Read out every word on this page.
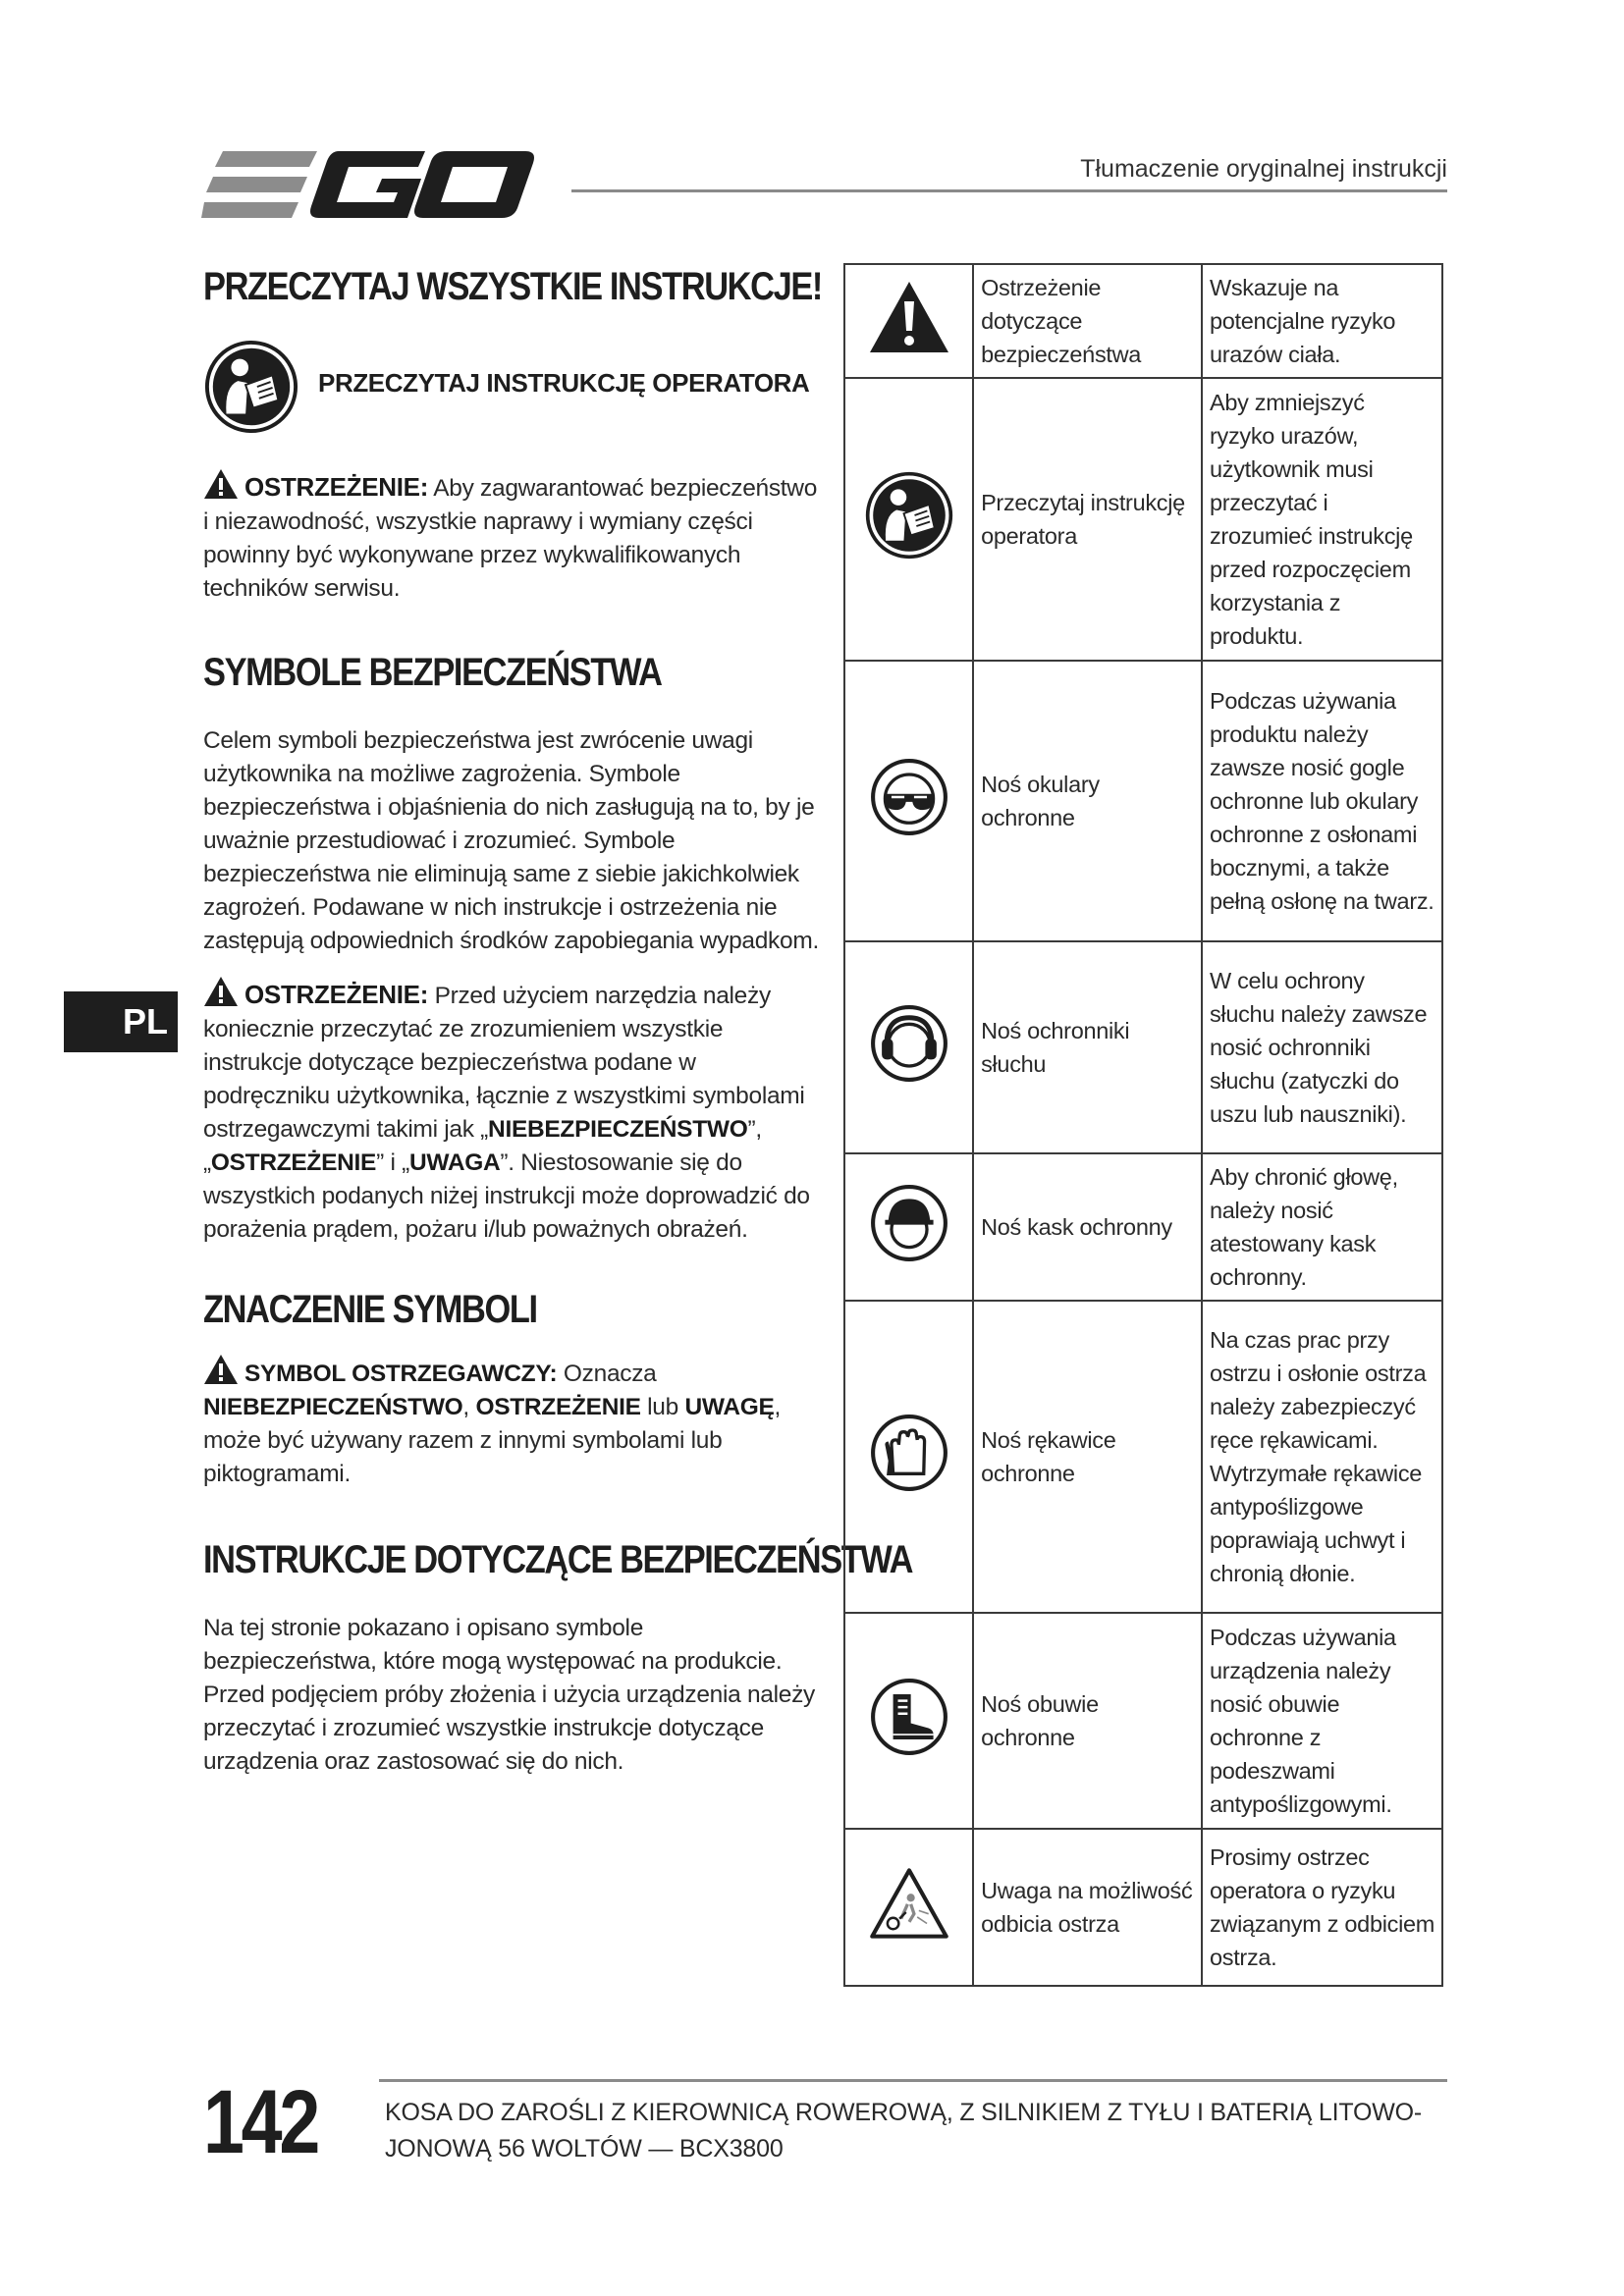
Tłumaczenie oryginalnej instrukcji
PL
PRZECZYTAJ WSZYSTKIE INSTRUKCJE!
PRZECZYTAJ INSTRUKCJĘ OPERATORA
OSTRZEŻENIE: Aby zagwarantować bezpieczeństwo i niezawodność, wszystkie naprawy i wymiany części powinny być wykonywane przez wykwalifikowanych techników serwisu.
SYMBOLE BEZPIECZEŃSTWA
Celem symboli bezpieczeństwa jest zwrócenie uwagi użytkownika na możliwe zagrożenia. Symbole bezpieczeństwa i objaśnienia do nich zasługują na to, by je uważnie przestudiować i zrozumieć. Symbole bezpieczeństwa nie eliminują same z siebie jakichkolwiek zagrożeń. Podawane w nich instrukcje i ostrzeżenia nie zastępują odpowiednich środków zapobiegania wypadkom.
OSTRZEŻENIE: Przed użyciem narzędzia należy koniecznie przeczytać ze zrozumieniem wszystkie instrukcje dotyczące bezpieczeństwa podane w podręczniku użytkownika, łącznie z wszystkimi symbolami ostrzegawczymi takimi jak „NIEBEZPIECZEŃSTWO”, „OSTRZEŻENIE” i „UWAGA”. Niestosowanie się do wszystkich podanych niżej instrukcji może doprowadzić do porażenia prądem, pożaru i/lub poważnych obrażeń.
ZNACZENIE SYMBOLI
SYMBOL OSTRZEGAWCZY: Oznacza NIEBEZPIECZEŃSTWO, OSTRZEŻENIE lub UWAGĘ, może być używany razem z innymi symbolami lub piktogramami.
INSTRUKCJE DOTYCZĄCE BEZPIECZEŃSTWA
Na tej stronie pokazano i opisano symbole bezpieczeństwa, które mogą występować na produkcie. Przed podjęciem próby złożenia i użycia urządzenia należy przeczytać i zrozumieć wszystkie instrukcje dotyczące urządzenia oraz zastosować się do nich.
	Ostrzeżenie dotyczące bezpieczeństwa	Wskazuje na potencjalne ryzyko urazów ciała.
	Przeczytaj instrukcję operatora	Aby zmniejszyć ryzyko urazów, użytkownik musi przeczytać i zrozumieć instrukcję przed rozpoczęciem korzystania z produktu.
	Noś okulary ochronne	Podczas używania produktu należy zawsze nosić gogle ochronne lub okulary ochronne z osłonami bocznymi, a także pełną osłonę na twarz.
	Noś ochronniki słuchu	W celu ochrony słuchu należy zawsze nosić ochronniki słuchu (zatyczki do uszu lub nauszniki).
	Noś kask ochronny	Aby chronić głowę, należy nosić atestowany kask ochronny.
	Noś rękawice ochronne	Na czas prac przy ostrzu i osłonie ostrza należy zabezpieczyć ręce rękawicami. Wytrzymałe rękawice antypoślizgowe poprawiają uchwyt i chronią dłonie.
	Noś obuwie ochronne	Podczas używania urządzenia należy nosić obuwie ochronne z podeszwami antypoślizgowymi.
	Uwaga na możliwość odbicia ostrza	Prosimy ostrzec operatora o ryzyku związanym z odbiciem ostrza.
142	KOSA DO ZAROŚLI Z KIEROWNICĄ ROWEROWĄ, Z SILNIKIEM Z TYŁU I BATERIĄ LITOWO-JONOWĄ 56 WOLTÓW — BCX3800
